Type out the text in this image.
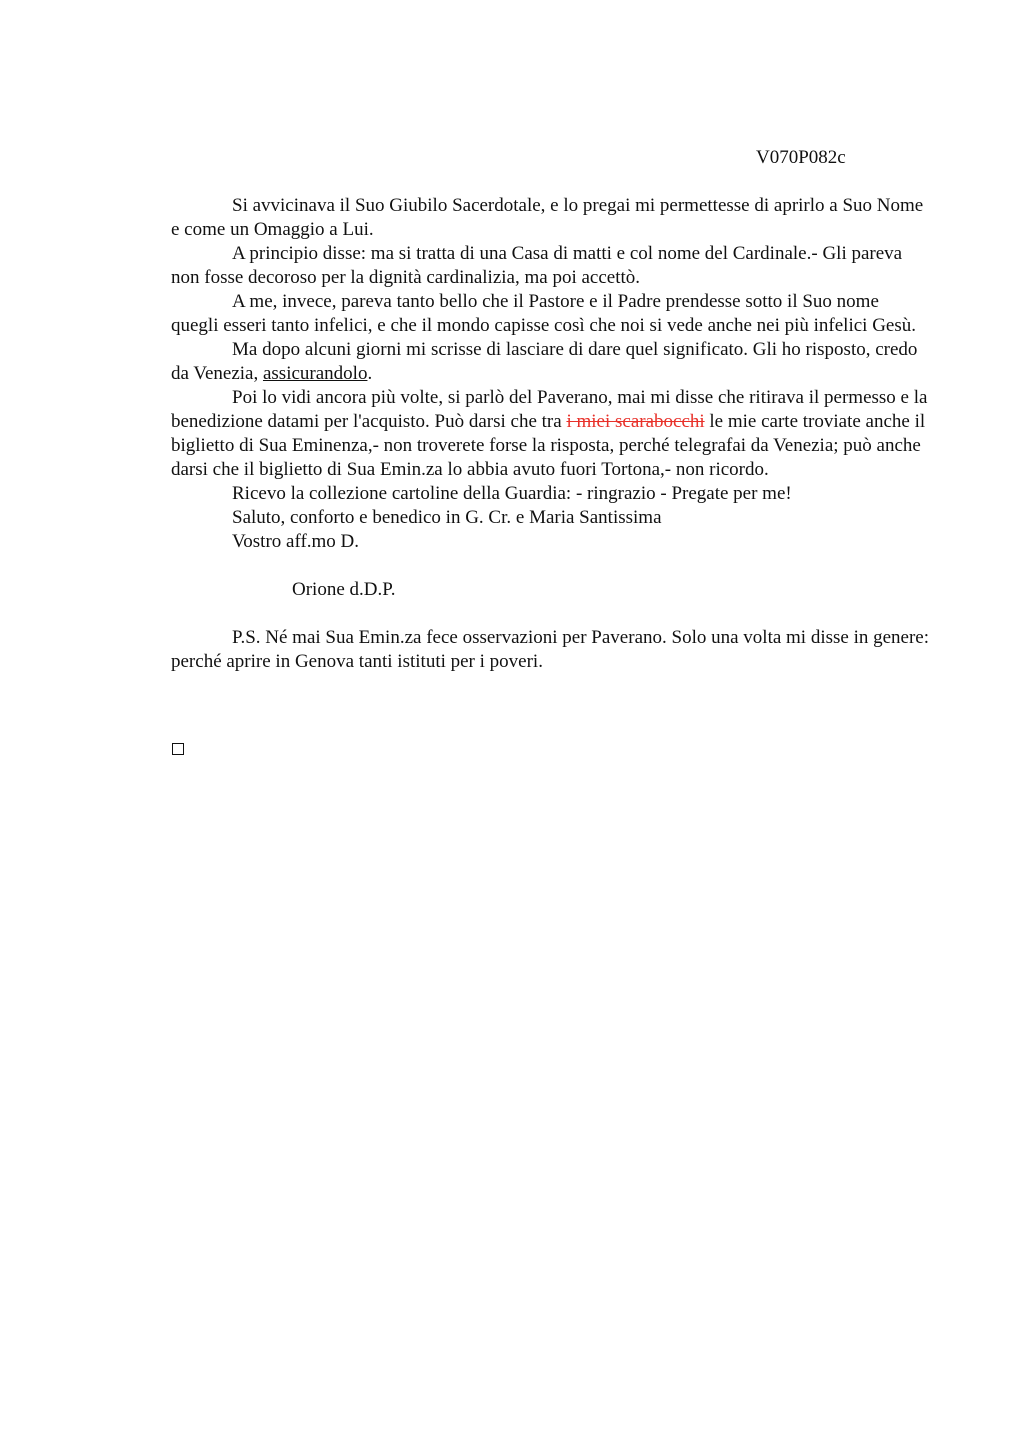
V070P082c

Si avvicinava il Suo Giubilo Sacerdotale, e lo pregai mi permettesse di aprirlo a Suo Nome e come un Omaggio a Lui.

A principio disse: ma si tratta di una Casa di matti e col nome del Cardinale.- Gli pareva non fosse decoroso per la dignità cardinalizia, ma poi accettò.

A me, invece, pareva tanto bello che il Pastore e il Padre prendesse sotto il Suo nome quegli esseri tanto infelici, e che il mondo capisse così che noi si vede anche nei più infelici Gesù.

Ma dopo alcuni giorni mi scrisse di lasciare di dare quel significato. Gli ho risposto, credo da Venezia, assicurandolo.

Poi lo vidi ancora più volte, si parlò del Paverano, mai mi disse che ritirava il permesso e la benedizione datami per l'acquisto. Può darsi che tra i miei scarabocchi le mie carte troviate anche il biglietto di Sua Eminenza,- non troverete forse la risposta, perché telegrafai da Venezia; può anche darsi che il biglietto di Sua Emin.za lo abbia avuto fuori Tortona,- non ricordo.

Ricevo la collezione cartoline della Guardia: - ringrazio - Pregate per me!

Saluto, conforto e benedico in G. Cr. e Maria Santissima

Vostro aff.mo D.

Orione d.D.P.

P.S. Né mai Sua Emin.za fece osservazioni per Paverano. Solo una volta mi disse in genere: perché aprire in Genova tanti istituti per i poveri.
